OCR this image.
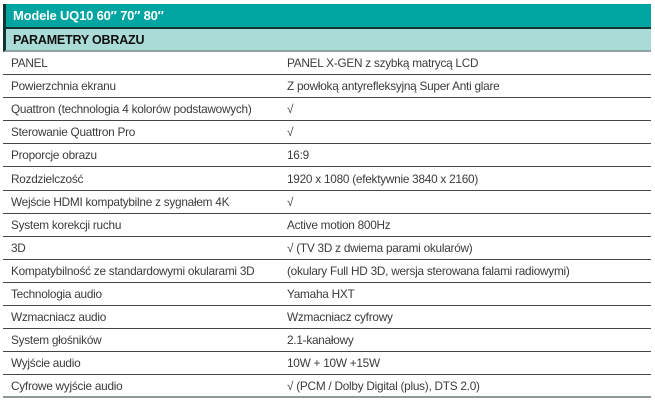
Modele UQ10 60″ 70″ 80″
PARAMETRY OBRAZU
PANEL	PANEL X-GEN z szybką matrycą LCD
Powierzchnia ekranu	Z powłoką antyrefleksyjną Super Anti glare
Quattron (technologia 4 kolorów podstawowych)	√
Sterowanie Quattron Pro	√
Proporcje obrazu	16:9
Rozdzielczość	1920 x 1080 (efektywnie 3840 x 2160)
Wejście HDMI kompatybilne z sygnałem 4K	√
System korekcji ruchu	Active motion 800Hz
3D	√ (TV 3D z dwiema parami okularów)
Kompatybilność ze standardowymi okularami 3D	(okulary Full HD 3D, wersja sterowana falami radiowymi)
Technologia audio	Yamaha HXT
Wzmacniacz audio	Wzmacniacz cyfrowy
System głośników	2.1-kanałowy
Wyjście audio	10W + 10W +15W
Cyfrowe wyjście audio	√ (PCM / Dolby Digital (plus), DTS 2.0)
